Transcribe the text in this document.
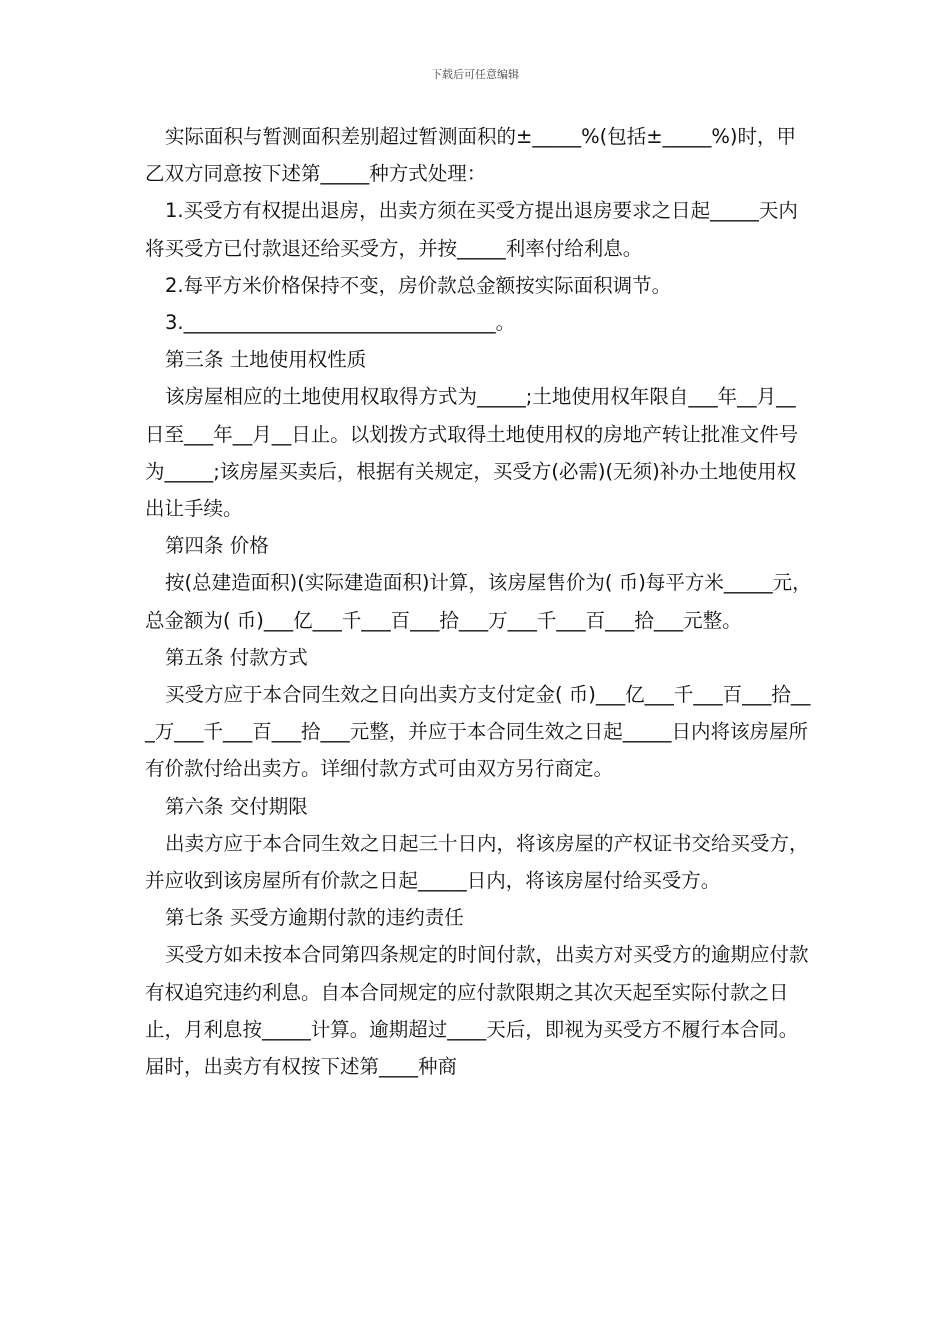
下载后可任意编辑

实际面积与暂测面积差别超过暂测面积的±_____%(包括±_____%)时，甲乙双方同意按下述第_____种方式处理：

1.买受方有权提出退房，出卖方须在买受方提出退房要求之日起_____天内将买受方已付款退还给买受方，并按_____利率付给利息。

2.每平方米价格保持不变，房价款总金额按实际面积调节。

3.________________________________。

第三条 土地使用权性质

该房屋相应的土地使用权取得方式为_____;土地使用权年限自___年__月__日至___年__月__日止。以划拨方式取得土地使用权的房地产转让批准文件号为_____;该房屋买卖后，根据有关规定，买受方(必需)(无须)补办土地使用权出让手续。

第四条 价格

按(总建造面积)(实际建造面积)计算，该房屋售价为( 币)每平方米_____元，总金额为( 币)___亿___千___百___拾___万___千___百___拾___元整。

第五条 付款方式

买受方应于本合同生效之日向出卖方支付定金( 币)___亿___千___百___拾___万___千___百___拾___元整，并应于本合同生效之日起_____日内将该房屋所有价款付给出卖方。详细付款方式可由双方另行商定。

第六条 交付期限

出卖方应于本合同生效之日起三十日内，将该房屋的产权证书交给买受方，并应收到该房屋所有价款之日起_____日内，将该房屋付给买受方。

第七条 买受方逾期付款的违约责任

买受方如未按本合同第四条规定的时间付款，出卖方对买受方的逾期应付款有权追究违约利息。自本合同规定的应付款限期之其次天起至实际付款之日止，月利息按_____计算。逾期超过____天后，即视为买受方不履行本合同。届时，出卖方有权按下述第____种商
